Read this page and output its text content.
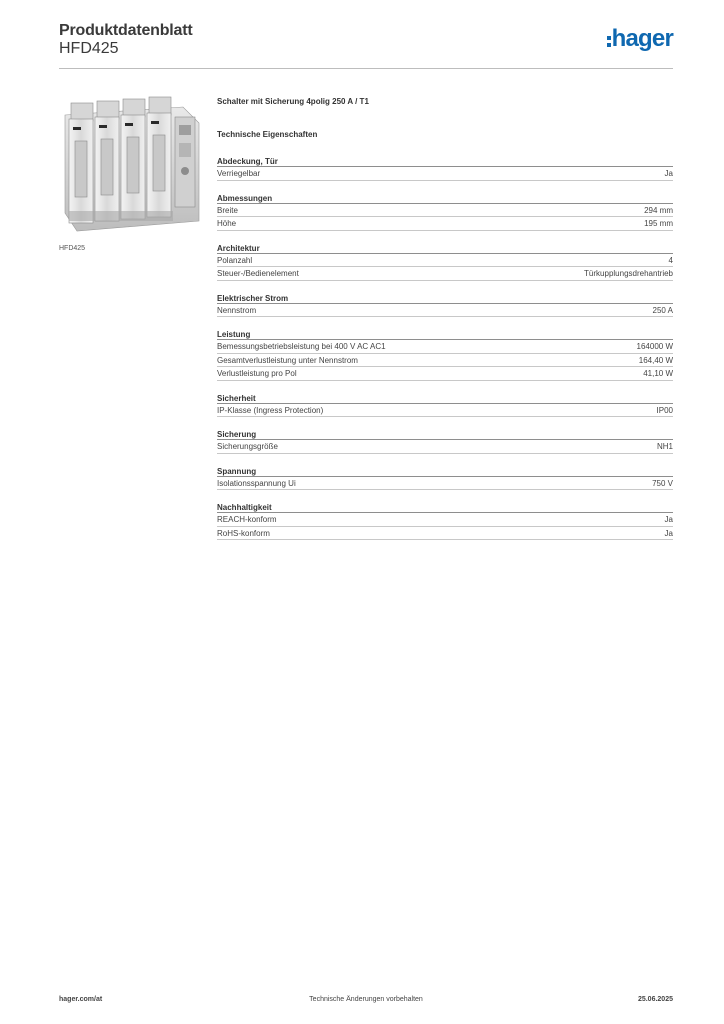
Produktdatenblatt
HFD425	hager
HFD425
Schalter mit Sicherung 4polig 250 A / T1
Technische Eigenschaften
Abdeckung, Tür
Verriegelbar	Ja
Abmessungen
Breite	294 mm
Höhe	195 mm
Architektur
Polanzahl	4
Steuer-/Bedienelement	Türkupplungsdrehantrieb
Elektrischer Strom
Nennstrom	250 A
Leistung
Bemessungsbetriebsleistung bei 400 V AC AC1	164000 W
Gesamtverlustleistung unter Nennstrom	164,40 W
Verlustleistung pro Pol	41,10 W
Sicherheit
IP-Klasse (Ingress Protection)	IP00
Sicherung
Sicherungsgröße	NH1
Spannung
Isolationsspannung Ui	750 V
Nachhaltigkeit
REACH-konform	Ja
RoHS-konform	Ja
hager.com/at	Technische Änderungen vorbehalten	25.06.2025
